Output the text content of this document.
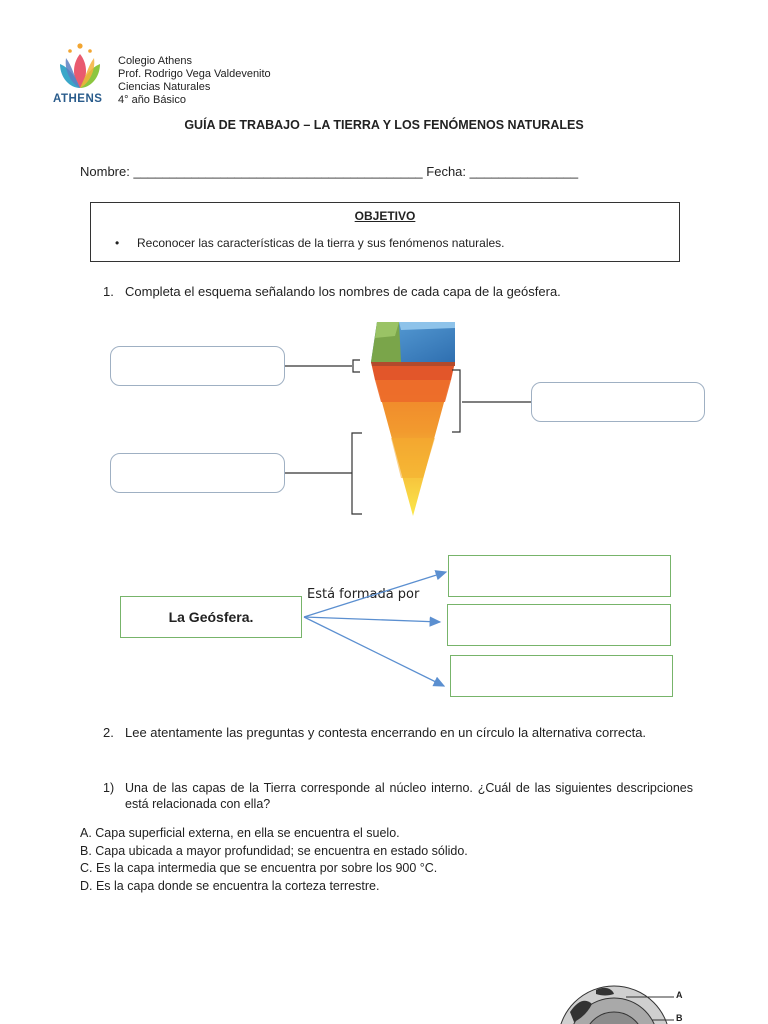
ATHENS
Colegio Athens
Prof. Rodrigo Vega Valdevenito
Ciencias Naturales
4° año Básico
GUÍA DE TRABAJO – LA TIERRA Y LOS FENÓMENOS NATURALES
Nombre: ________________________________________ Fecha: _______________
OBJETIVO
• Reconocer las características de la tierra y sus fenómenos naturales.
1. Completa el esquema señalando los nombres de cada capa de la geósfera.
La Geósfera.
Está formada por
2. Lee atentamente las preguntas y contesta encerrando en un círculo la alternativa correcta.
1) Una de las capas de la Tierra corresponde al núcleo interno. ¿Cuál de las siguientes descripciones está relacionada con ella?
A. Capa superficial externa, en ella se encuentra el suelo.
B. Capa ubicada a mayor profundidad; se encuentra en estado sólido.
C. Es la capa intermedia que se encuentra por sobre los 900 °C.
D. Es la capa donde se encuentra la corteza terrestre.
A
B
